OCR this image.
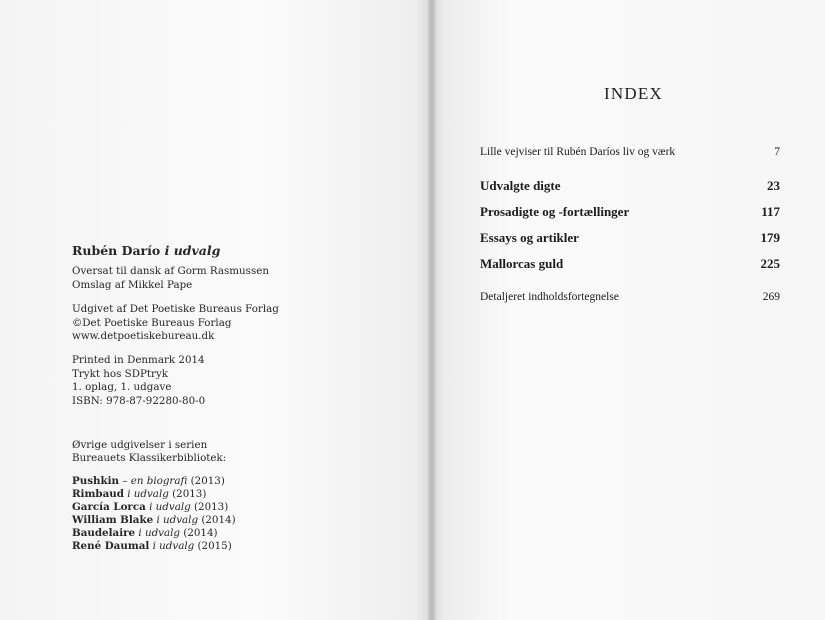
Rubén Darío i udvalg
Oversat til dansk af Gorm Rasmussen
Omslag af Mikkel Pape
Udgivet af Det Poetiske Bureaus Forlag
©Det Poetiske Bureaus Forlag
www.detpoetiskebureau.dk
Printed in Denmark 2014
Trykt hos SDPtryk
1. oplag, 1. udgave
ISBN: 978-87-92280-80-0
Øvrige udgivelser i serien
Bureauets Klassikerbibliotek:
Pushkin – en biografi (2013)
Rimbaud i udvalg (2013)
García Lorca i udvalg (2013)
William Blake i udvalg (2014)
Baudelaire i udvalg (2014)
René Daumal i udvalg (2015)
INDEX
Lille vejviser til Rubén Daríos liv og værk	7
Udvalgte digte	23
Prosadigte og -fortællinger	117
Essays og artikler	179
Mallorcas guld	225
Detaljeret indholdsfortegnelse	269
